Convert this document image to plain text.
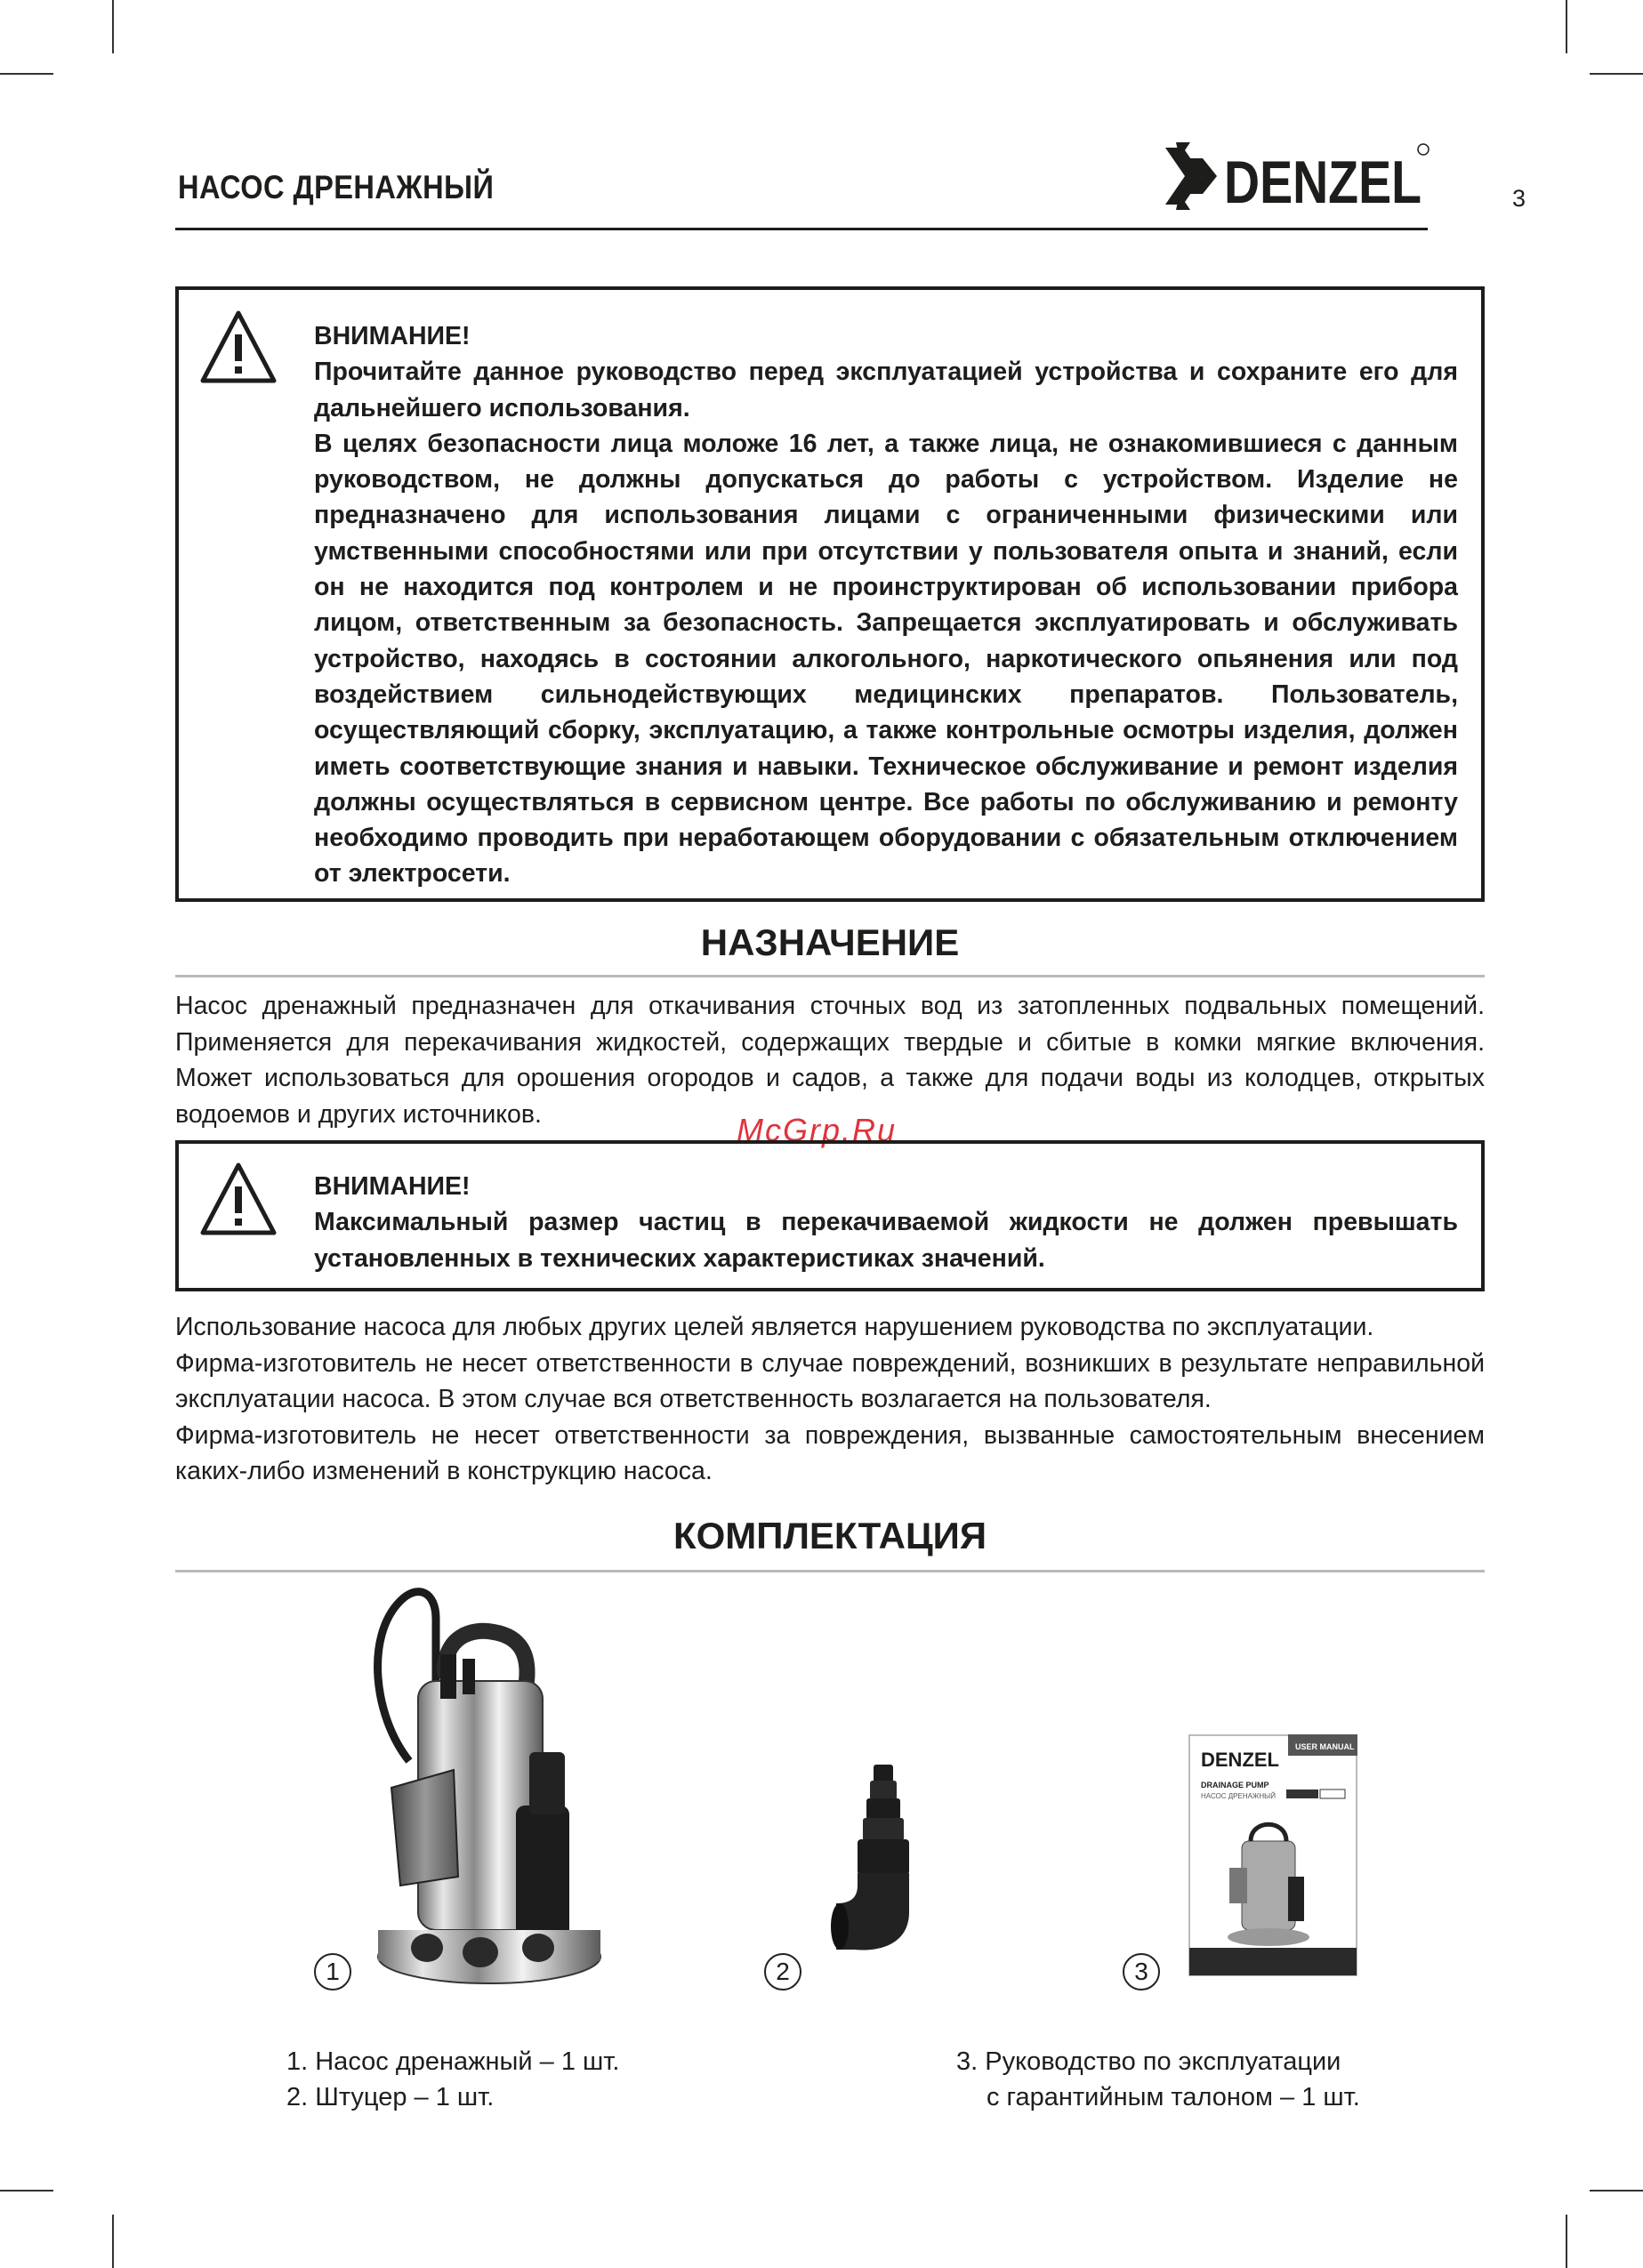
НАСОС ДРЕНАЖНЫЙ	DENZEL	3

ВНИМАНИЕ!

Прочитайте данное руководство перед эксплуатацией устройства и сохраните его для дальнейшего использования.

В целях безопасности лица моложе 16 лет, а также лица, не ознакомившиеся с данным руководством, не должны допускаться до работы с устройством. Изделие не предназначено для использования лицами с ограниченными физическими или умственными способностями или при отсутствии у пользователя опыта и знаний, если он не находится под контролем и не проинструктирован об использовании прибора лицом, ответственным за безопасность. Запрещается эксплуатировать и обслуживать устройство, находясь в состоянии алкогольного, наркотического опьянения или под воздействием сильнодействующих медицинских препаратов. Пользователь, осуществляющий сборку, эксплуатацию, а также контрольные осмотры изделия, должен иметь соответствующие знания и навыки. Техническое обслуживание и ремонт изделия должны осуществляться в сервисном центре. Все работы по обслуживанию и ремонту необходимо проводить при неработающем оборудовании с обязательным отключением от электросети.

НАЗНАЧЕНИЕ

Насос дренажный предназначен для откачивания сточных вод из затопленных подвальных помещений. Применяется для перекачивания жидкостей, содержащих твердые и сбитые в комки мягкие включения. Может использоваться для орошения огородов и садов, а также для подачи воды из колодцев, открытых водоемов и других источников.	McGrp.Ru

ВНИМАНИЕ!

Максимальный размер частиц в перекачиваемой жидкости не должен превышать установленных в технических характеристиках значений.

Использование насоса для любых других целей является нарушением руководства по эксплуатации.

Фирма-изготовитель не несет ответственности в случае повреждений, возникших в результате неправильной эксплуатации насоса. В этом случае вся ответственность возлагается на пользователя.

Фирма-изготовитель не несет ответственности за повреждения, вызванные самостоятельным внесением каких-либо изменений в конструкцию насоса.

КОМПЛЕКТАЦИЯ
USER MANUAL
DENZEL
DRAINAGE PUMP
НАСОС ДРЕНАЖНЫЙ
1	2	3
1. Насос дренажный – 1 шт.
2. Штуцер – 1 шт.
3. Руководство по эксплуатации
с гарантийным талоном – 1 шт.
